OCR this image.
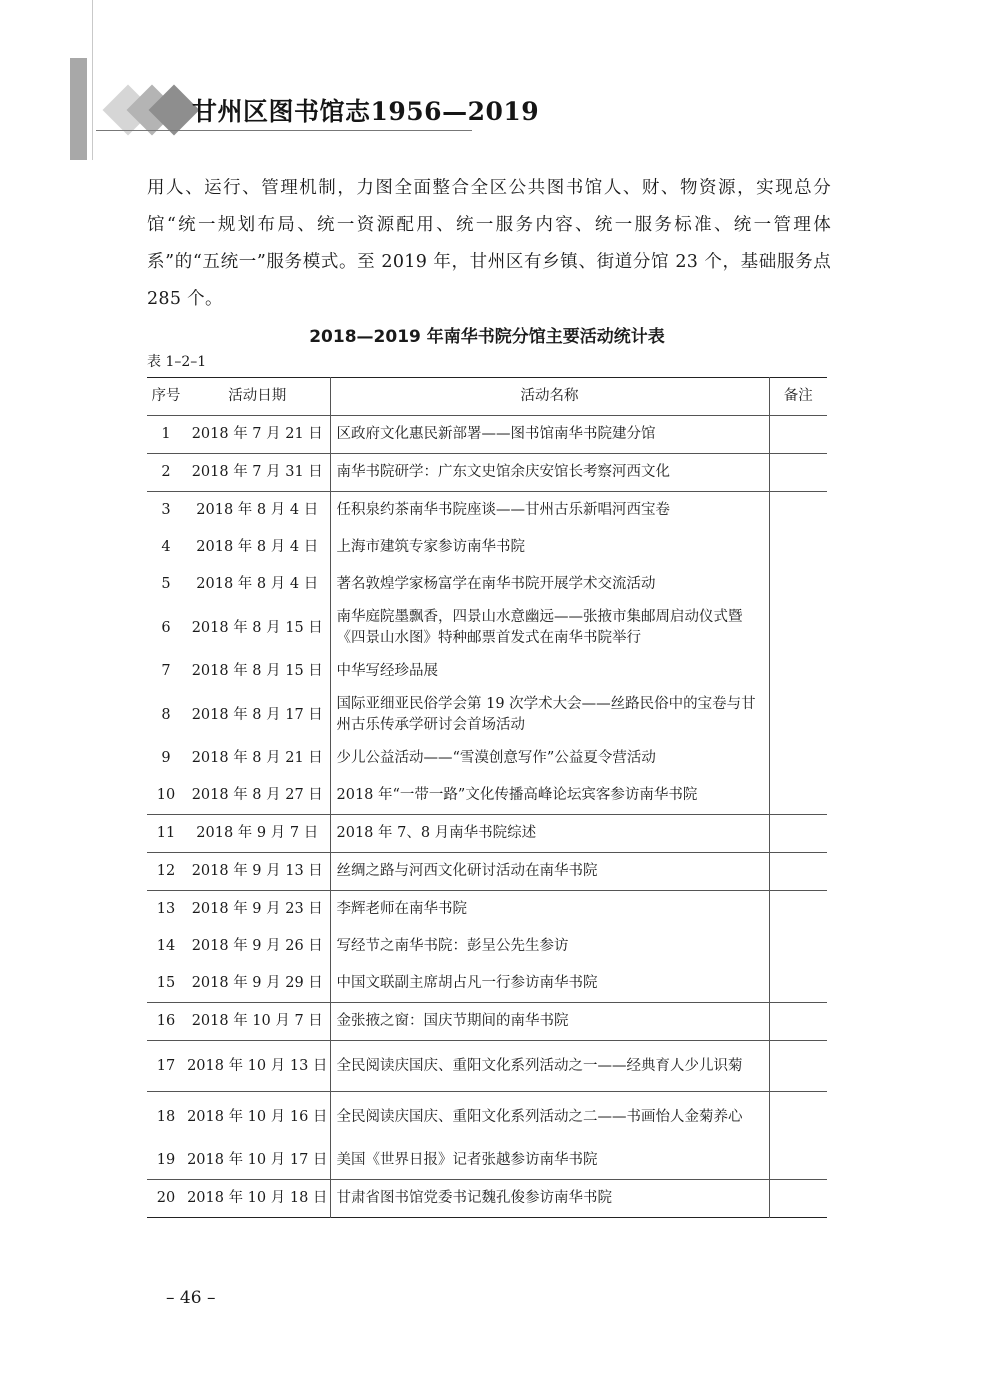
甘州区图书馆志1956—2019
用人、运行、管理机制，力图全面整合全区公共图书馆人、财、物资源，实现总分馆“统一规划布局、统一资源配用、统一服务内容、统一服务标准、统一管理体系”的“五统一”服务模式。至 2019 年，甘州区有乡镇、街道分馆 23 个，基础服务点 285 个。
2018—2019 年南华书院分馆主要活动统计表
表 1–2–1
序号	活动日期	活动名称	备注
1	2018 年 7 月 21 日	区政府文化惠民新部署——图书馆南华书院建分馆	
2	2018 年 7 月 31 日	南华书院研学：广东文史馆余庆安馆长考察河西文化	
3	2018 年 8 月 4 日	任积泉约茶南华书院座谈——甘州古乐新唱河西宝卷	
4	2018 年 8 月 4 日	上海市建筑专家参访南华书院	
5	2018 年 8 月 4 日	著名敦煌学家杨富学在南华书院开展学术交流活动	
6	2018 年 8 月 15 日	南华庭院墨飘香，四景山水意幽远——张掖市集邮周启动仪式暨《四景山水图》特种邮票首发式在南华书院举行	
7	2018 年 8 月 15 日	中华写经珍品展	
8	2018 年 8 月 17 日	国际亚细亚民俗学会第 19 次学术大会——丝路民俗中的宝卷与甘州古乐传承学研讨会首场活动	
9	2018 年 8 月 21 日	少儿公益活动——“雪漠创意写作”公益夏令营活动	
10	2018 年 8 月 27 日	2018 年“一带一路”文化传播高峰论坛宾客参访南华书院	
11	2018 年 9 月 7 日	2018 年 7、8 月南华书院综述	
12	2018 年 9 月 13 日	丝绸之路与河西文化研讨活动在南华书院	
13	2018 年 9 月 23 日	李辉老师在南华书院	
14	2018 年 9 月 26 日	写经节之南华书院：彭呈公先生参访	
15	2018 年 9 月 29 日	中国文联副主席胡占凡一行参访南华书院	
16	2018 年 10 月 7 日	金张掖之窗：国庆节期间的南华书院	
17	2018 年 10 月 13 日	全民阅读庆国庆、重阳文化系列活动之一——经典育人少儿识菊	
18	2018 年 10 月 16 日	全民阅读庆国庆、重阳文化系列活动之二——书画怡人金菊养心	
19	2018 年 10 月 17 日	美国《世界日报》记者张越参访南华书院	
20	2018 年 10 月 18 日	甘肃省图书馆党委书记魏孔俊参访南华书院	
– 46 –
